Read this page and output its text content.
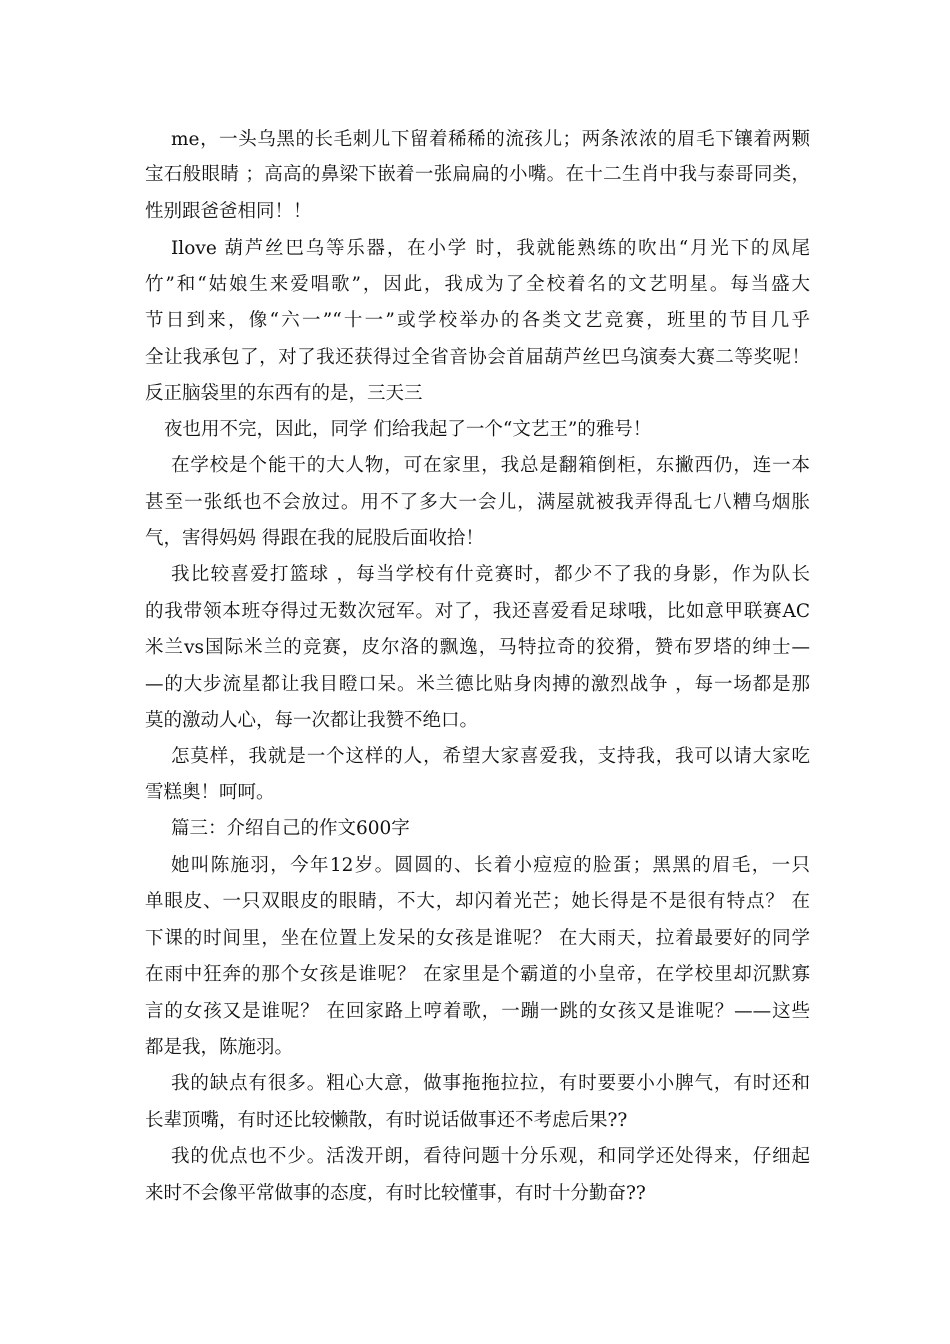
me，一头乌黑的长毛刺儿下留着稀稀的流孩儿；两条浓浓的眉毛下镶着两颗
宝石般眼睛 ；高高的鼻梁下嵌着一张扁扁的小嘴。在十二生肖中我与泰哥同类，
性别跟爸爸相同！！
Ilove 葫芦丝巴乌等乐器，在小学 时，我就能熟练的吹出“月光下的凤尾
竹”和“姑娘生来爱唱歌”，因此，我成为了全校着名的文艺明星。每当盛大
节日到来，像“六一”“十一”或学校举办的各类文艺竞赛，班里的节目几乎
全让我承包了，对了我还获得过全省音协会首届葫芦丝巴乌演奏大赛二等奖呢！
反正脑袋里的东西有的是，三天三
夜也用不完，因此，同学 们给我起了一个“文艺王”的雅号！
在学校是个能干的大人物，可在家里，我总是翻箱倒柜，东撇西仍，连一本
甚至一张纸也不会放过。用不了多大一会儿，满屋就被我弄得乱七八糟乌烟胀
气，害得妈妈 得跟在我的屁股后面收拾！
我比较喜爱打篮球 ，每当学校有什竞赛时，都少不了我的身影，作为队长
的我带领本班夺得过无数次冠军。对了，我还喜爱看足球哦，比如意甲联赛AC
米兰vs国际米兰的竞赛，皮尔洛的飘逸，马特拉奇的狡猾，赞布罗塔的绅士—
—的大步流星都让我目瞪口呆。米兰德比贴身肉搏的激烈战争 ，每一场都是那
莫的激动人心，每一次都让我赞不绝口。
怎莫样，我就是一个这样的人，希望大家喜爱我，支持我，我可以请大家吃
雪糕奥！呵呵。
篇三：介绍自己的作文600字
她叫陈施羽，今年12岁。圆圆的、长着小痘痘的脸蛋；黑黑的眉毛，一只
单眼皮、一只双眼皮的眼睛，不大，却闪着光芒；她长得是不是很有特点？ 在
下课的时间里，坐在位置上发呆的女孩是谁呢？ 在大雨天，拉着最要好的同学
在雨中狂奔的那个女孩是谁呢？ 在家里是个霸道的小皇帝，在学校里却沉默寡
言的女孩又是谁呢？ 在回家路上哼着歌，一蹦一跳的女孩又是谁呢？——这些
都是我，陈施羽。
我的缺点有很多。粗心大意，做事拖拖拉拉，有时要要小小脾气，有时还和
长辈顶嘴，有时还比较懒散，有时说话做事还不考虑后果??
我的优点也不少。活泼开朗，看待问题十分乐观，和同学还处得来，仔细起
来时不会像平常做事的态度，有时比较懂事，有时十分勤奋??
